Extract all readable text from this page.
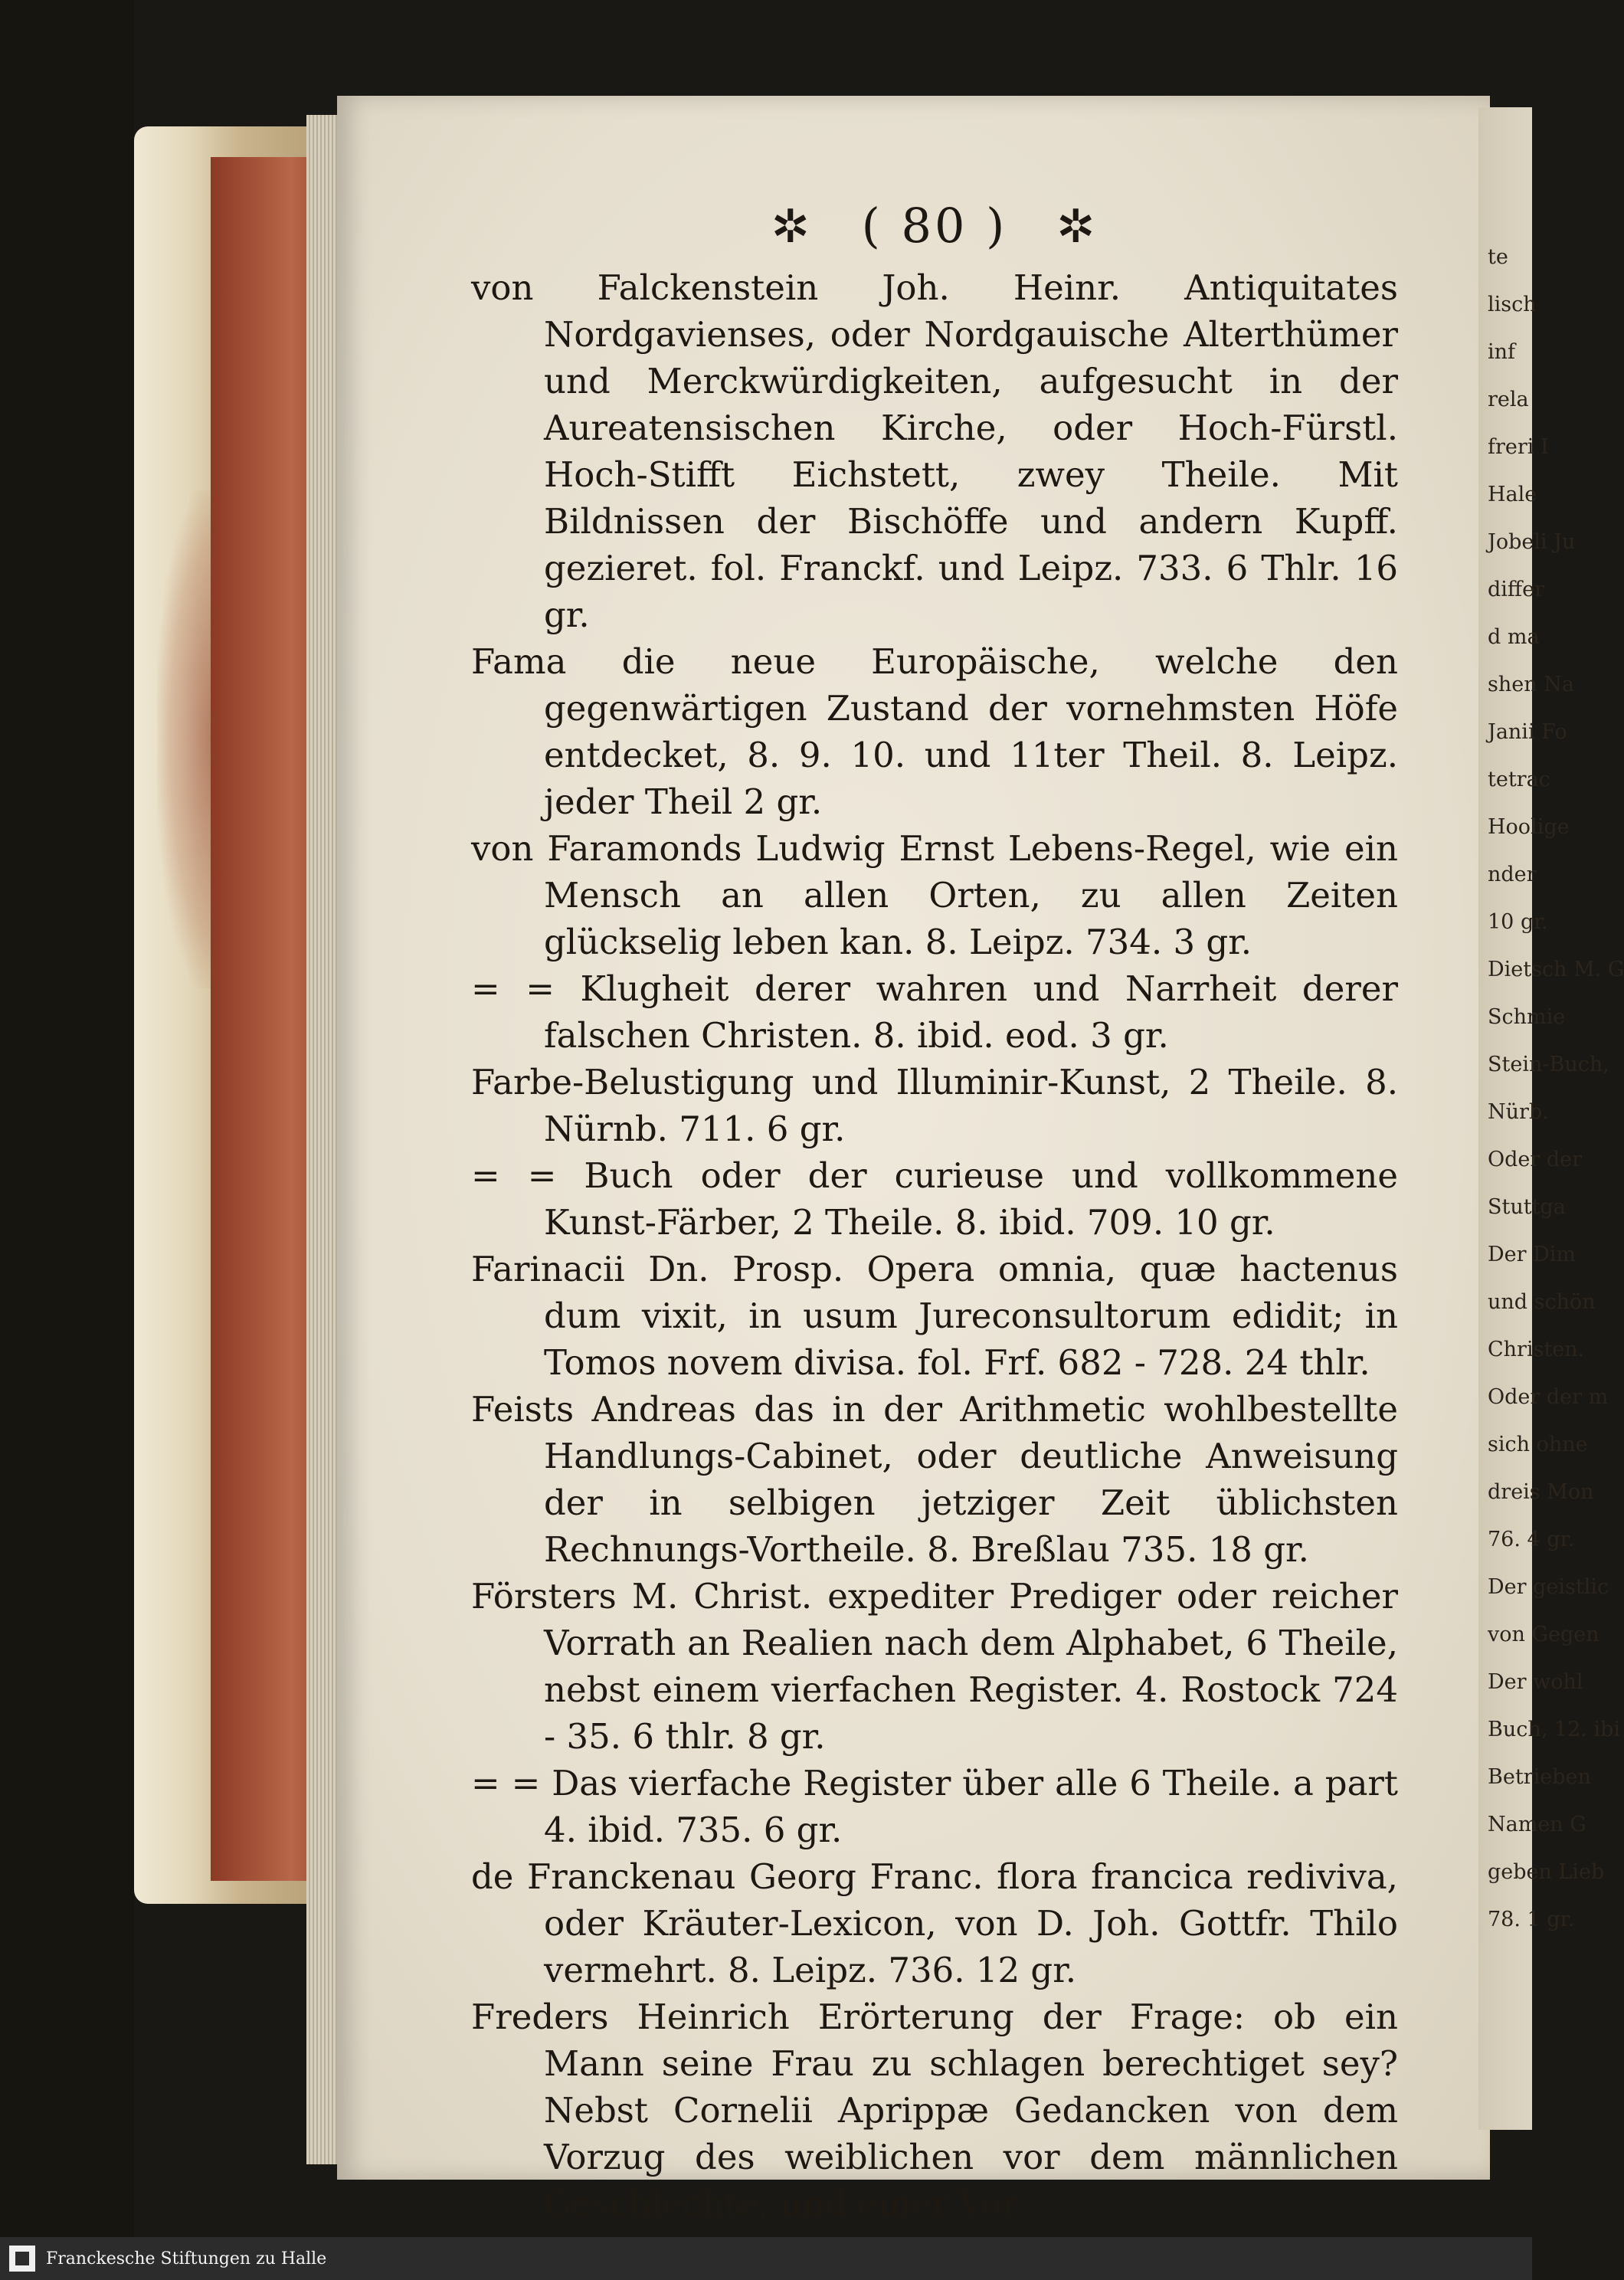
te
lisch
inf
rela
freri I
Hale
Jobeli Ju
differ
d ma
shen Na
Janii Fo
tetrac
Hoolige
nder
10 gr.
Dietsch M. G
Schmie
Stein-Buch,
Nürb.
Oder der
Stuttga
Der Dim
und schön
Christen.
Oder der m
sich ohne
dreis Mon
76. 4 gr.
Der geistlic
von Gegen
Der wohl
Buch, 12. ibi
Betrieben
Namen G
geben Lieb
78. 1 gr.
✲ ( 80 ) ✲

von Falckenstein Joh. Heinr. Antiquitates Nordgavienses, oder Nordgauische Alterthümer und Merckwürdigkeiten, aufgesucht in der Aureatensischen Kirche, oder Hoch-Fürstl. Hoch-Stifft Eichstett, zwey Theile. Mit Bildnissen der Bischöffe und andern Kupff. gezieret. fol. Franckf. und Leipz. 733. 6 Thlr. 16 gr.

Fama die neue Europäische, welche den gegenwärtigen Zustand der vornehmsten Höfe entdecket, 8. 9. 10. und 11ter Theil. 8. Leipz. jeder Theil 2 gr.

von Faramonds Ludwig Ernst Lebens-Regel, wie ein Mensch an allen Orten, zu allen Zeiten glückselig leben kan. 8. Leipz. 734. 3 gr.

= = Klugheit derer wahren und Narrheit derer falschen Christen. 8. ibid. eod. 3 gr.

Farbe-Belustigung und Illuminir-Kunst, 2 Theile. 8. Nürnb. 711. 6 gr.

= = Buch oder der curieuse und vollkommene Kunst-Färber, 2 Theile. 8. ibid. 709. 10 gr.

Farinacii Dn. Prosp. Opera omnia, quæ hactenus dum vixit, in usum Jureconsultorum edidit; in Tomos novem divisa. fol. Frf. 682 - 728. 24 thlr.

Feists Andreas das in der Arithmetic wohlbestellte Handlungs-Cabinet, oder deutliche Anweisung der in selbigen jetziger Zeit üblichsten Rechnungs-Vortheile. 8. Breßlau 735. 18 gr.

Försters M. Christ. expediter Prediger oder reicher Vorrath an Realien nach dem Alphabet, 6 Theile, nebst einem vierfachen Register. 4. Rostock 724 - 35. 6 thlr. 8 gr.

= = Das vierfache Register über alle 6 Theile. a part 4. ibid. 735. 6 gr.

de Franckenau Georg Franc. flora francica rediviva, oder Kräuter-Lexicon, von D. Joh. Gottfr. Thilo vermehrt. 8. Leipz. 736. 12 gr.

Freders Heinrich Erörterung der Frage: ob ein Mann seine Frau zu schlagen berechtiget sey? Nebst Cornelii Aprippæ Gedancken von dem Vorzug des weiblichen vor dem männlichen Geschlechte, und einer Vor-

Franckesche Stiftungen zu Halle
